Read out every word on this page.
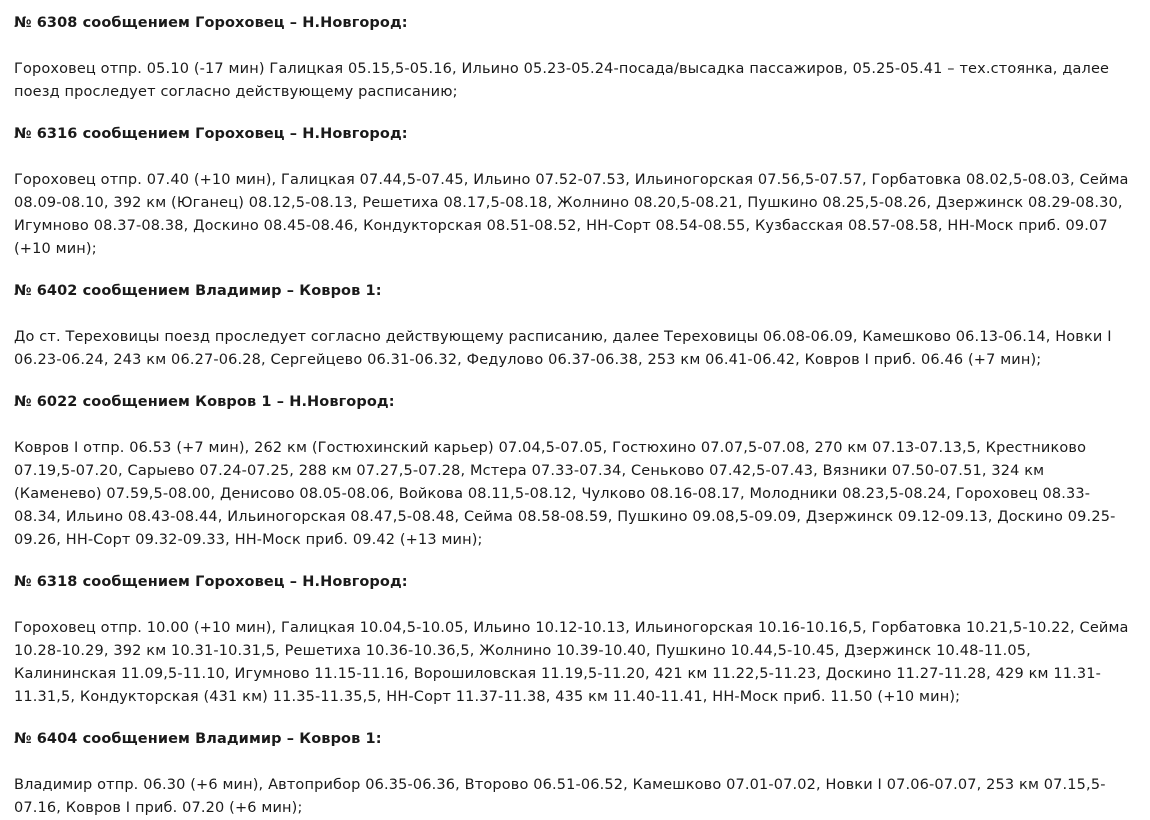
№ 6308 сообщением Гороховец – Н.Новгород:

Гороховец отпр. 05.10 (-17 мин) Галицкая 05.15,5-05.16, Ильино 05.23-05.24-посада/высадка пассажиров, 05.25-05.41 – тех.стоянка, далее поезд проследует согласно действующему расписанию;

№ 6316 сообщением Гороховец – Н.Новгород:

Гороховец отпр. 07.40 (+10 мин), Галицкая 07.44,5-07.45, Ильино 07.52-07.53, Ильиногорская 07.56,5-07.57, Горбатовка 08.02,5-08.03, Сейма 08.09-08.10, 392 км (Юганец) 08.12,5-08.13, Решетиха 08.17,5-08.18, Жолнино 08.20,5-08.21, Пушкино 08.25,5-08.26, Дзержинск 08.29-08.30, Игумново 08.37-08.38, Доскино 08.45-08.46, Кондукторская 08.51-08.52, НН-Сорт 08.54-08.55, Кузбасская 08.57-08.58, НН-Моск приб. 09.07 (+10 мин);

№ 6402 сообщением Владимир – Ковров 1:

До ст. Тереховицы поезд проследует согласно действующему расписанию, далее Тереховицы 06.08-06.09, Камешково 06.13-06.14, Новки I 06.23-06.24, 243 км 06.27-06.28, Сергейцево 06.31-06.32, Федулово 06.37-06.38, 253 км 06.41-06.42, Ковров I приб. 06.46 (+7 мин);

№ 6022 сообщением Ковров 1 – Н.Новгород:

Ковров I отпр. 06.53 (+7 мин), 262 км (Гостюхинский карьер) 07.04,5-07.05, Гостюхино 07.07,5-07.08, 270 км 07.13-07.13,5, Крестниково 07.19,5-07.20, Сарыево 07.24-07.25, 288 км 07.27,5-07.28, Мстера 07.33-07.34, Сеньково 07.42,5-07.43, Вязники 07.50-07.51, 324 км (Каменево) 07.59,5-08.00, Денисово 08.05-08.06, Войкова 08.11,5-08.12, Чулково 08.16-08.17, Молодники 08.23,5-08.24, Гороховец 08.33-08.34, Ильино 08.43-08.44, Ильиногорская 08.47,5-08.48, Сейма 08.58-08.59, Пушкино 09.08,5-09.09, Дзержинск 09.12-09.13, Доскино 09.25-09.26, НН-Сорт 09.32-09.33, НН-Моск приб. 09.42 (+13 мин);

№ 6318 сообщением Гороховец – Н.Новгород:

Гороховец отпр. 10.00 (+10 мин), Галицкая 10.04,5-10.05, Ильино 10.12-10.13, Ильиногорская 10.16-10.16,5, Горбатовка 10.21,5-10.22, Сейма 10.28-10.29, 392 км 10.31-10.31,5, Решетиха 10.36-10.36,5, Жолнино 10.39-10.40, Пушкино 10.44,5-10.45, Дзержинск 10.48-11.05, Калининская 11.09,5-11.10, Игумново 11.15-11.16, Ворошиловская 11.19,5-11.20, 421 км 11.22,5-11.23, Доскино 11.27-11.28, 429 км 11.31-11.31,5, Кондукторская (431 км) 11.35-11.35,5, НН-Сорт 11.37-11.38, 435 км 11.40-11.41, НН-Моск приб. 11.50 (+10 мин);

№ 6404 сообщением Владимир – Ковров 1:

Владимир отпр. 06.30 (+6 мин), Автоприбор 06.35-06.36, Второво 06.51-06.52, Камешково 07.01-07.02, Новки I 07.06-07.07, 253 км 07.15,5-07.16, Ковров I приб. 07.20 (+6 мин);
